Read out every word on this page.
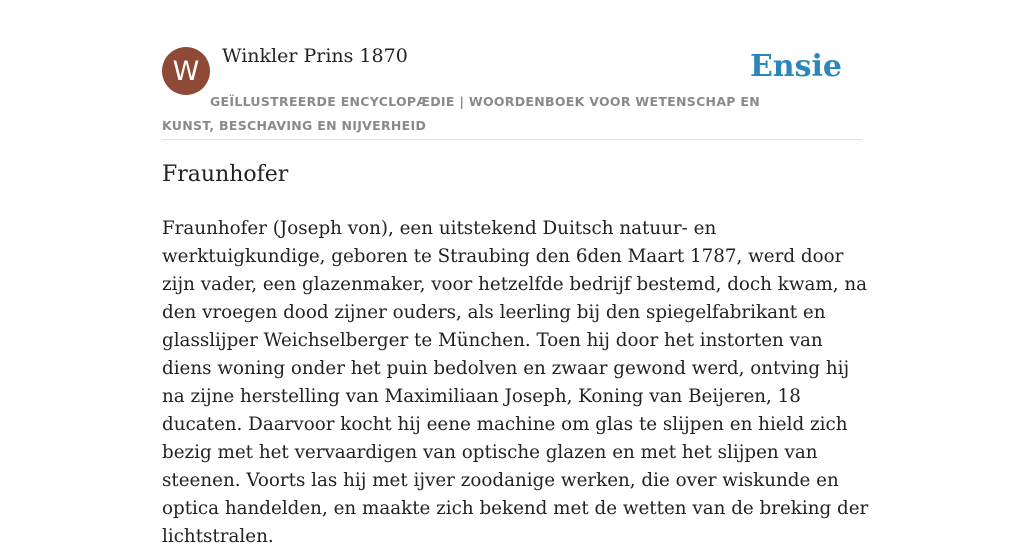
W	Winkler Prins 1870	Ensie
GEÏLLUSTREERDE ENCYCLOPÆDIE | WOORDENBOEK VOOR WETENSCHAP EN KUNST, BESCHAVING EN NIJVERHEID
Fraunhofer

Fraunhofer (Joseph von), een uitstekend Duitsch natuur- en werktuigkundige, geboren te Straubing den 6den Maart 1787, werd door zijn vader, een glazenmaker, voor hetzelfde bedrijf bestemd, doch kwam, na den vroegen dood zijner ouders, als leerling bij den spiegelfabrikant en glasslijper Weichselberger te München. Toen hij door het instorten van diens woning onder het puin bedolven en zwaar gewond werd, ontving hij na zijne herstelling van Maximiliaan Joseph, Koning van Beijeren, 18 ducaten. Daarvoor kocht hij eene machine om glas te slijpen en hield zich bezig met het vervaardigen van optische glazen en met het slijpen van steenen. Voorts las hij met ijver zoodanige werken, die over wiskunde en optica handelden, en maakte zich bekend met de wetten van de breking der lichtstralen.
